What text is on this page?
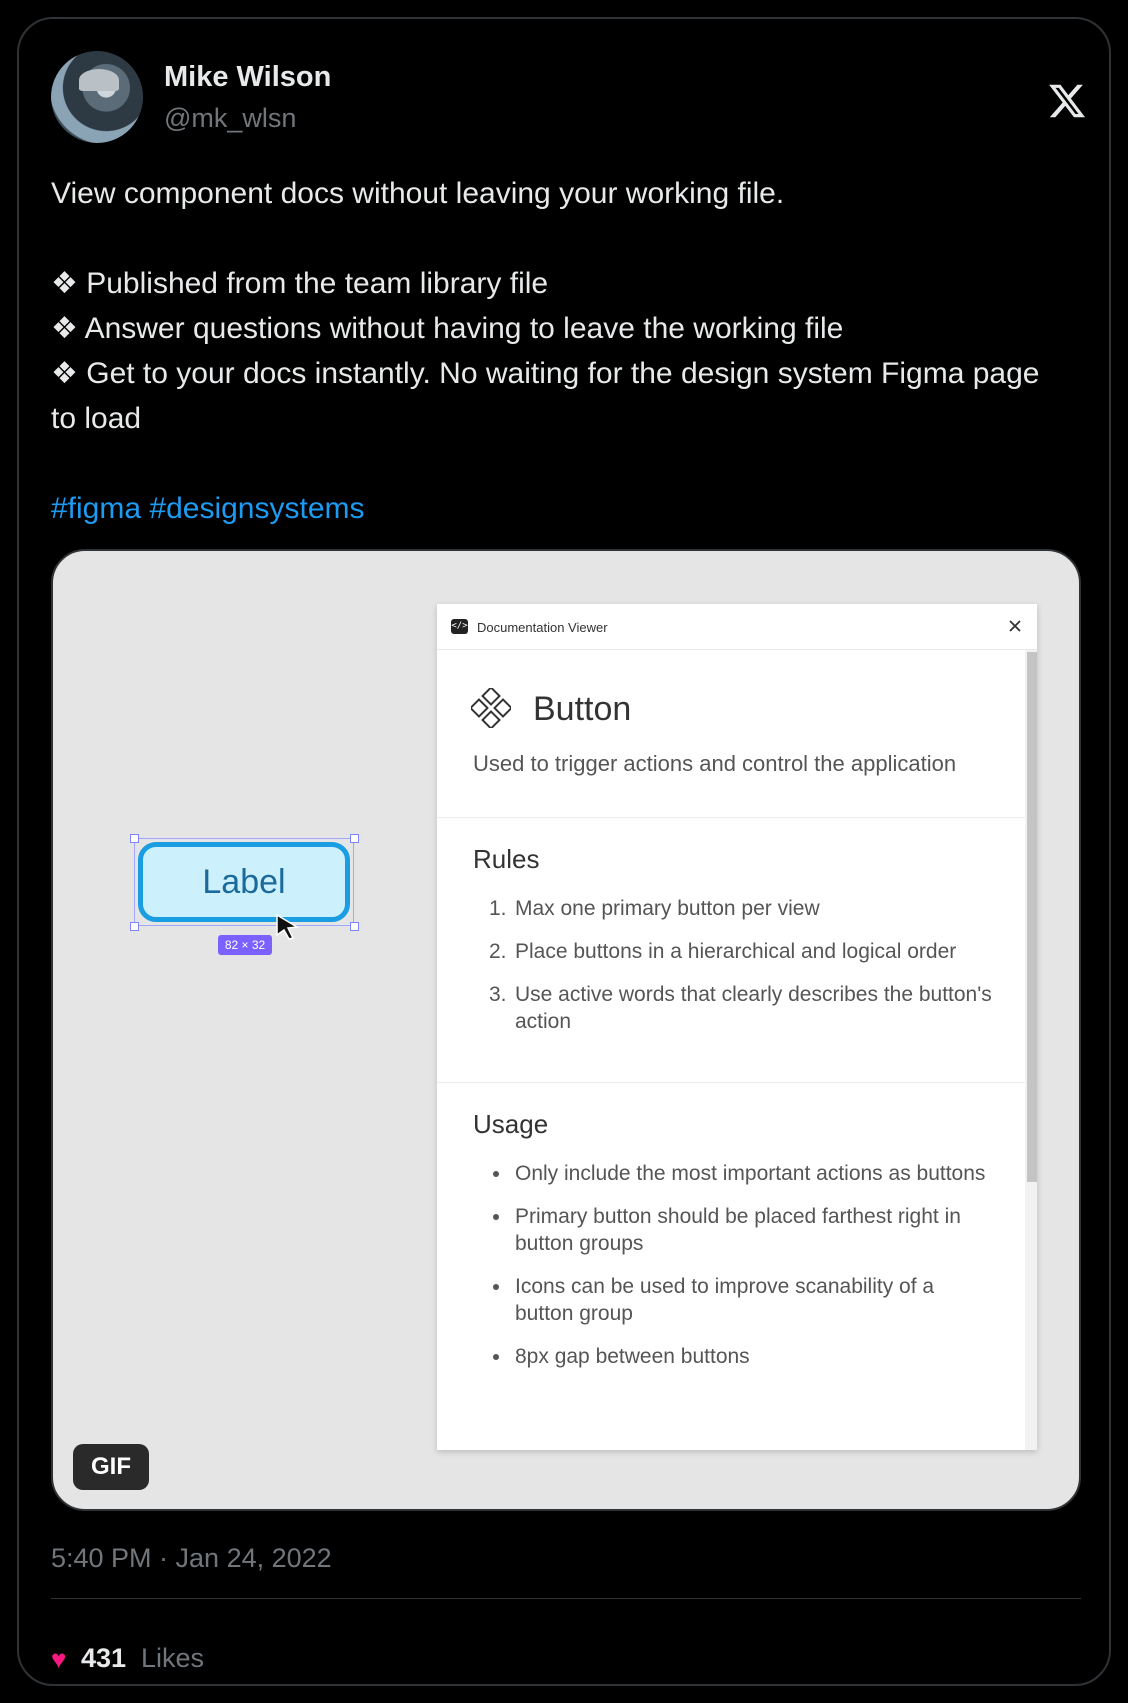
Mike Wilson
@mk_wlsn
View component docs without leaving your working file.
❖ Published from the team library file
❖ Answer questions without having to leave the working file
❖ Get to your docs instantly. No waiting for the design system Figma page to load
#figma #designsystems
Label
82 × 32
</> Documentation Viewer
Button
Used to trigger actions and control the application
Rules
1. Max one primary button per view
2. Place buttons in a hierarchical and logical order
3. Use active words that clearly describes the button's action
Usage
Only include the most important actions as buttons
Primary button should be placed farthest right in button groups
Icons can be used to improve scanability of a button group
8px gap between buttons
GIF
5:40 PM · Jan 24, 2022
♥ 431 Likes
